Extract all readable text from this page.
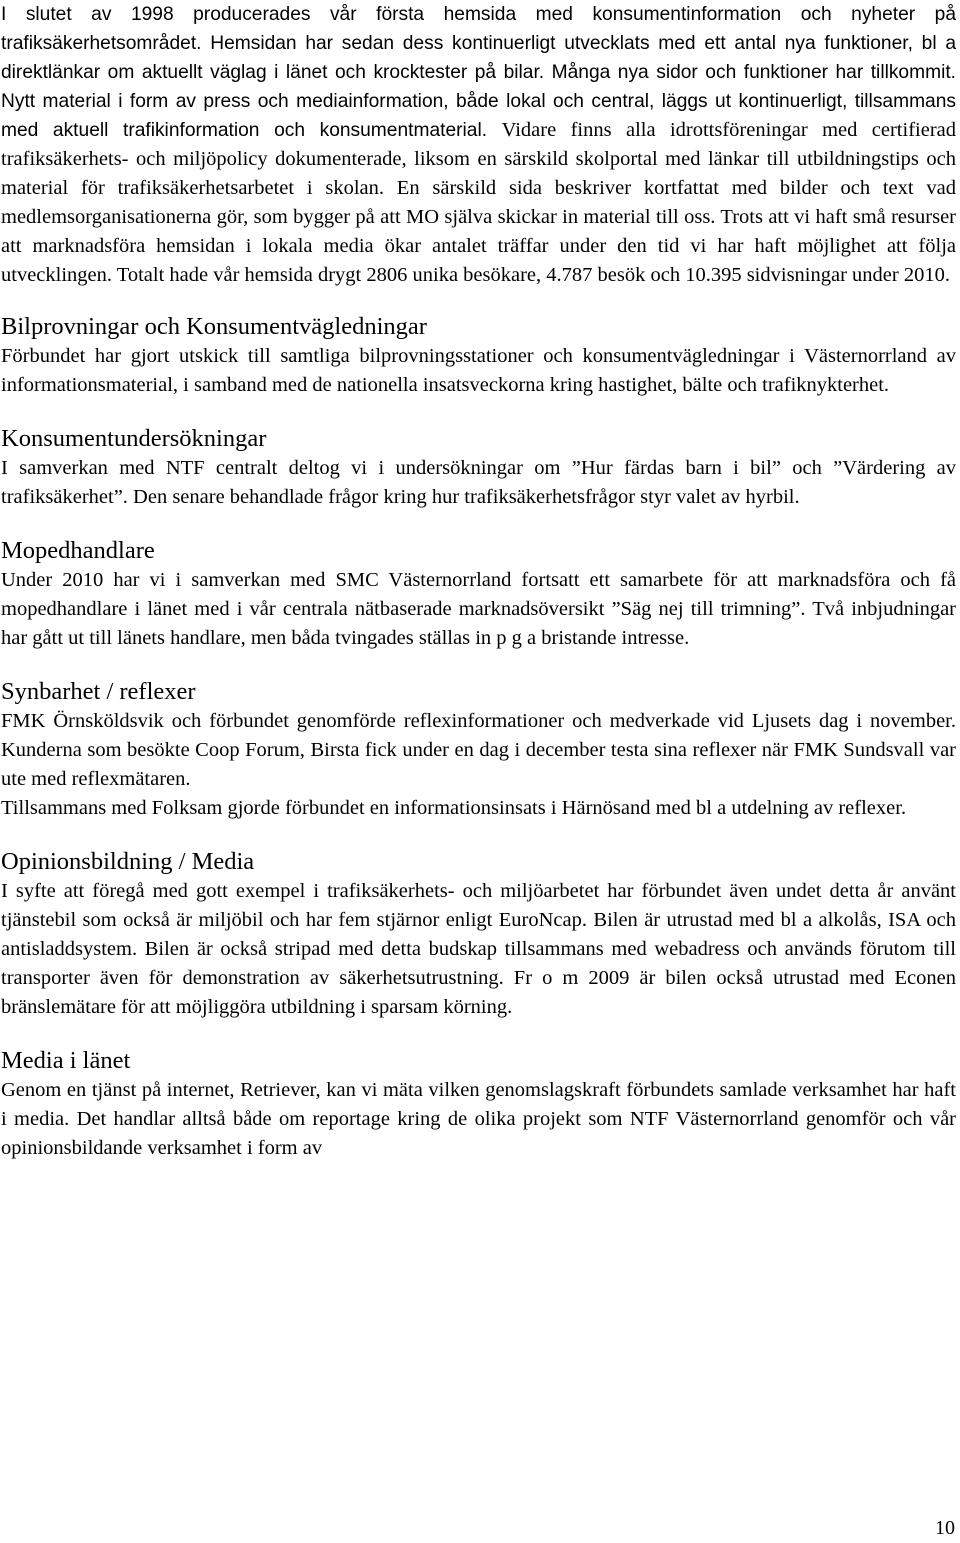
I slutet av 1998 producerades vår första hemsida med konsumentinformation och nyheter på trafiksäkerhetsområdet. Hemsidan har sedan dess kontinuerligt utvecklats med ett antal nya funktioner, bl a direktlänkar om aktuellt väglag i länet och krocktester på bilar. Många nya sidor och funktioner har tillkommit. Nytt material i form av press och mediainformation, både lokal och central, läggs ut kontinuerligt, tillsammans med aktuell trafikinformation och konsumentmaterial. Vidare finns alla idrottsföreningar med certifierad trafiksäkerhets- och miljöpolicy dokumenterade, liksom en särskild skolportal med länkar till utbildningstips och material för trafiksäkerhetsarbetet i skolan. En särskild sida beskriver kortfattat med bilder och text vad medlemsorganisationerna gör, som bygger på att MO själva skickar in material till oss. Trots att vi haft små resurser att marknadsföra hemsidan i lokala media ökar antalet träffar under den tid vi har haft möjlighet att följa utvecklingen. Totalt hade vår hemsida drygt 2806 unika besökare, 4.787 besök och 10.395 sidvisningar under 2010.

Bilprovningar och Konsumentvägledningar

Förbundet har gjort utskick till samtliga bilprovningsstationer och konsumentvägledningar i Västernorrland av informationsmaterial, i samband med de nationella insatsveckorna kring hastighet, bälte och trafiknykterhet.

Konsumentundersökningar

I samverkan med NTF centralt deltog vi i undersökningar om ”Hur färdas barn i bil” och ”Värdering av trafiksäkerhet”. Den senare behandlade frågor kring hur trafiksäkerhetsfrågor styr valet av hyrbil.

Mopedhandlare

Under 2010 har vi i samverkan med SMC Västernorrland fortsatt ett samarbete för att marknadsföra och få mopedhandlare i länet med i vår centrala nätbaserade marknadsöversikt ”Säg nej till trimning”. Två inbjudningar har gått ut till länets handlare, men båda tvingades ställas in p g a bristande intresse.

Synbarhet / reflexer

FMK Örnsköldsvik och förbundet genomförde reflexinformationer och medverkade vid Ljusets dag i november. Kunderna som besökte Coop Forum, Birsta fick under en dag i december testa sina reflexer när FMK Sundsvall var ute med reflexmätaren.

Tillsammans med Folksam gjorde förbundet en informationsinsats i Härnösand med bl a utdelning av reflexer.

Opinionsbildning / Media

I syfte att föregå med gott exempel i trafiksäkerhets- och miljöarbetet har förbundet även undet detta år använt tjänstebil som också är miljöbil och har fem stjärnor enligt EuroNcap. Bilen är utrustad med bl a alkolås, ISA och antisladdsystem. Bilen är också stripad med detta budskap tillsammans med webadress och används förutom till transporter även för demonstration av säkerhetsutrustning. Fr o m 2009 är bilen också utrustad med Econen bränslemätare för att möjliggöra utbildning i sparsam körning.

Media i länet

Genom en tjänst på internet, Retriever, kan vi mäta vilken genomslagskraft förbundets samlade verksamhet har haft i media. Det handlar alltså både om reportage kring de olika projekt som NTF Västernorrland genomför och vår opinionsbildande verksamhet i form av

10
